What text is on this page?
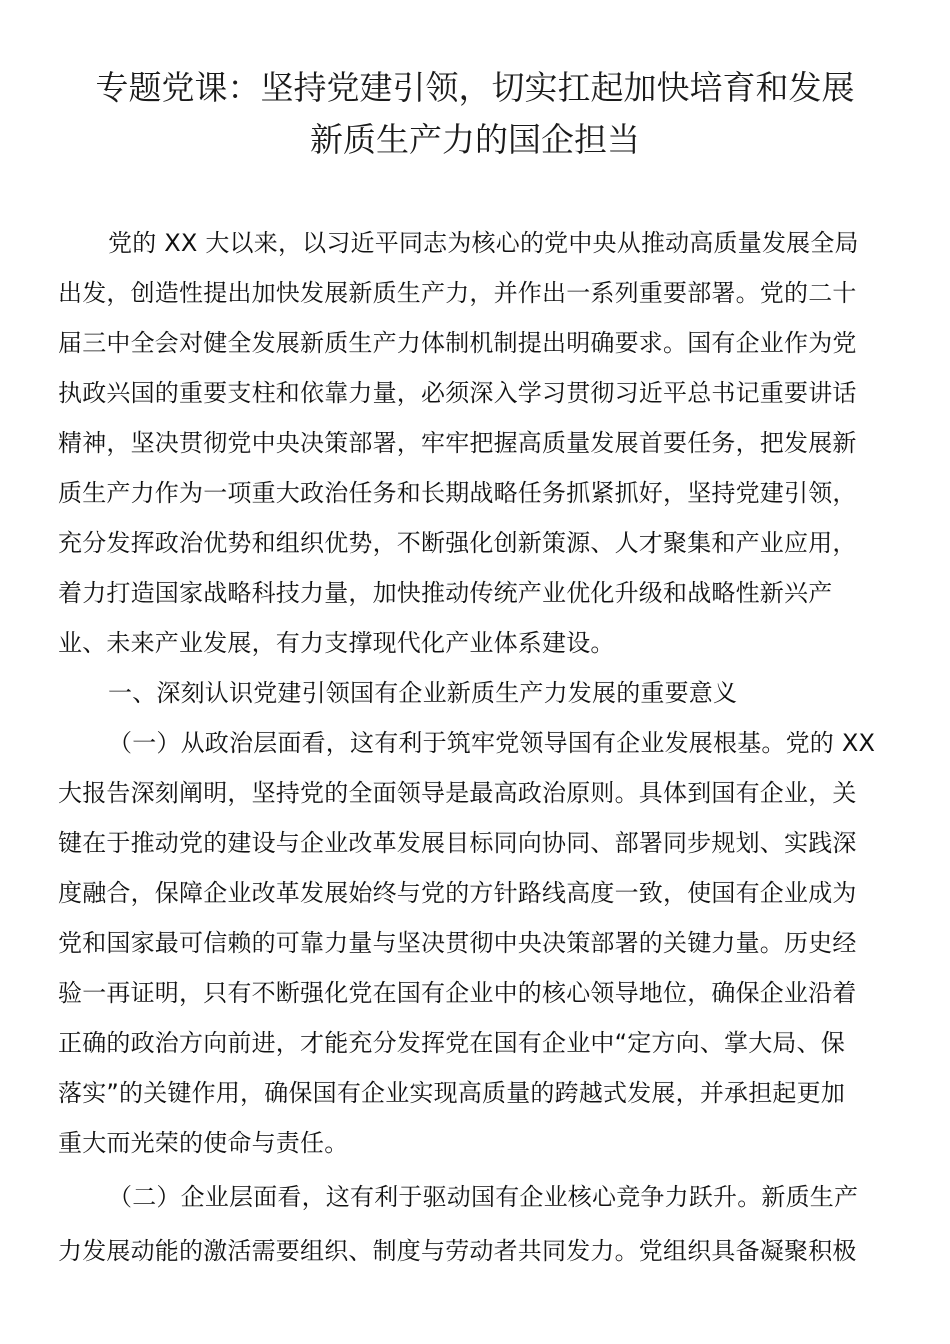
专题党课：坚持党建引领，切实扛起加快培育和发展
新质生产力的国企担当
党的 XX 大以来，以习近平同志为核心的党中央从推动高质量发展全局
出发，创造性提出加快发展新质生产力，并作出一系列重要部署。党的二十
届三中全会对健全发展新质生产力体制机制提出明确要求。国有企业作为党
执政兴国的重要支柱和依靠力量，必须深入学习贯彻习近平总书记重要讲话
精神，坚决贯彻党中央决策部署，牢牢把握高质量发展首要任务，把发展新
质生产力作为一项重大政治任务和长期战略任务抓紧抓好，坚持党建引领，
充分发挥政治优势和组织优势，不断强化创新策源、人才聚集和产业应用，
着力打造国家战略科技力量，加快推动传统产业优化升级和战略性新兴产
业、未来产业发展，有力支撑现代化产业体系建设。
一、深刻认识党建引领国有企业新质生产力发展的重要意义
（一）从政治层面看，这有利于筑牢党领导国有企业发展根基。党的 XX
大报告深刻阐明，坚持党的全面领导是最高政治原则。具体到国有企业，关
键在于推动党的建设与企业改革发展目标同向协同、部署同步规划、实践深
度融合，保障企业改革发展始终与党的方针路线高度一致，使国有企业成为
党和国家最可信赖的可靠力量与坚决贯彻中央决策部署的关键力量。历史经
验一再证明，只有不断强化党在国有企业中的核心领导地位，确保企业沿着
正确的政治方向前进，才能充分发挥党在国有企业中“定方向、掌大局、保
落实”的关键作用，确保国有企业实现高质量的跨越式发展，并承担起更加
重大而光荣的使命与责任。
（二）企业层面看，这有利于驱动国有企业核心竞争力跃升。新质生产
力发展动能的激活需要组织、制度与劳动者共同发力。党组织具备凝聚积极
